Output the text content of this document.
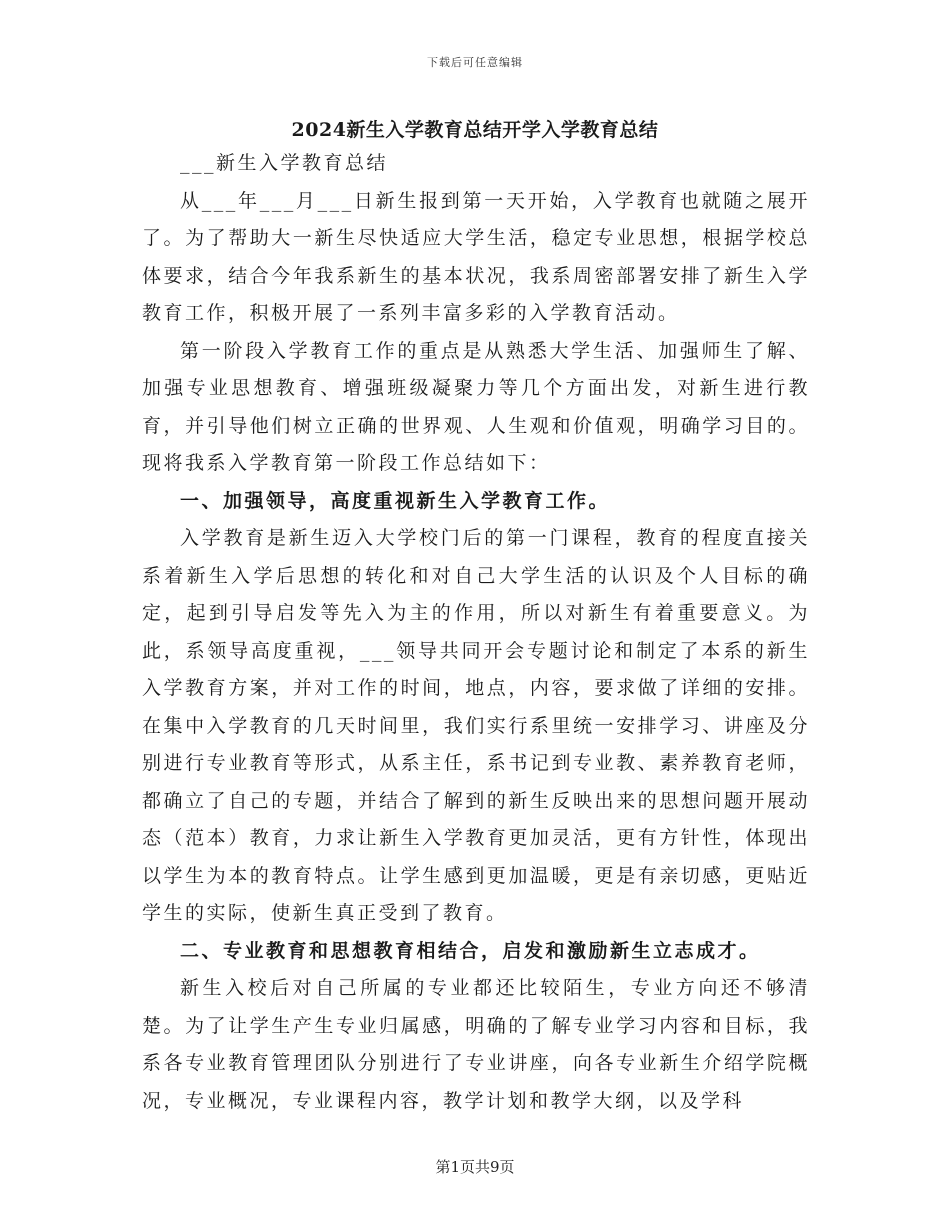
下载后可任意编辑
2024新生入学教育总结开学入学教育总结

___新生入学教育总结

从___年___月___日新生报到第一天开始，入学教育也就随之展开了。为了帮助大一新生尽快适应大学生活，稳定专业思想，根据学校总体要求，结合今年我系新生的基本状况，我系周密部署安排了新生入学教育工作，积极开展了一系列丰富多彩的入学教育活动。

第一阶段入学教育工作的重点是从熟悉大学生活、加强师生了解、加强专业思想教育、增强班级凝聚力等几个方面出发，对新生进行教育，并引导他们树立正确的世界观、人生观和价值观，明确学习目的。现将我系入学教育第一阶段工作总结如下：

一、加强领导，高度重视新生入学教育工作。

入学教育是新生迈入大学校门后的第一门课程，教育的程度直接关系着新生入学后思想的转化和对自己大学生活的认识及个人目标的确定，起到引导启发等先入为主的作用，所以对新生有着重要意义。为此，系领导高度重视，___领导共同开会专题讨论和制定了本系的新生入学教育方案，并对工作的时间，地点，内容，要求做了详细的安排。在集中入学教育的几天时间里，我们实行系里统一安排学习、讲座及分别进行专业教育等形式，从系主任，系书记到专业教、素养教育老师，都确立了自己的专题，并结合了解到的新生反映出来的思想问题开展动态（范本）教育，力求让新生入学教育更加灵活，更有方针性，体现出以学生为本的教育特点。让学生感到更加温暖，更是有亲切感，更贴近学生的实际，使新生真正受到了教育。

二、专业教育和思想教育相结合，启发和激励新生立志成才。

新生入校后对自己所属的专业都还比较陌生，专业方向还不够清楚。为了让学生产生专业归属感，明确的了解专业学习内容和目标，我系各专业教育管理团队分别进行了专业讲座，向各专业新生介绍学院概况，专业概况，专业课程内容，教学计划和教学大纲，以及学科

第1页共9页
